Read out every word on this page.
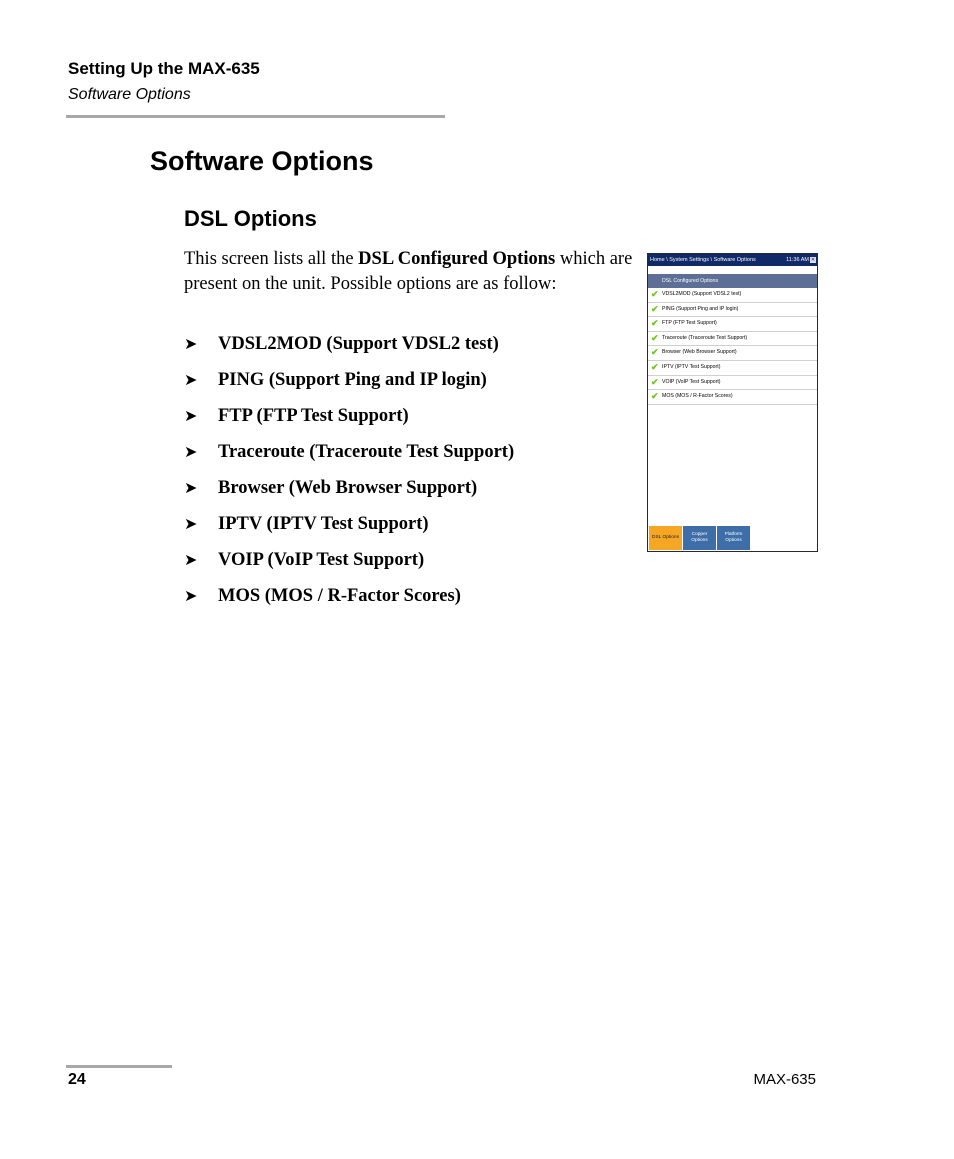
Setting Up the MAX-635
Software Options
Software Options
DSL Options

This screen lists all the DSL Configured Options which are present on the unit. Possible options are as follow:

➤ VDSL2MOD (Support VDSL2 test)
➤ PING (Support Ping and IP login)
➤ FTP (FTP Test Support)
➤ Traceroute (Traceroute Test Support)
➤ Browser (Web Browser Support)
➤ IPTV (IPTV Test Support)
➤ VOIP (VoIP Test Support)
➤ MOS (MOS / R-Factor Scores)
Home \ System Settings \ Software Options	11:36 AM ✕
DSL Configured Options
✔ VDSL2MOD (Support VDSL2 test)
✔ PING (Support Ping and IP login)
✔ FTP (FTP Test Support)
✔ Traceroute (Traceroute Test Support)
✔ Browser (Web Browser Support)
✔ IPTV (IPTV Test Support)
✔ VOIP (VoIP Test Support)
✔ MOS (MOS / R-Factor Scores)
DSL Options
Copper Options
Platform Options
24	MAX-635
